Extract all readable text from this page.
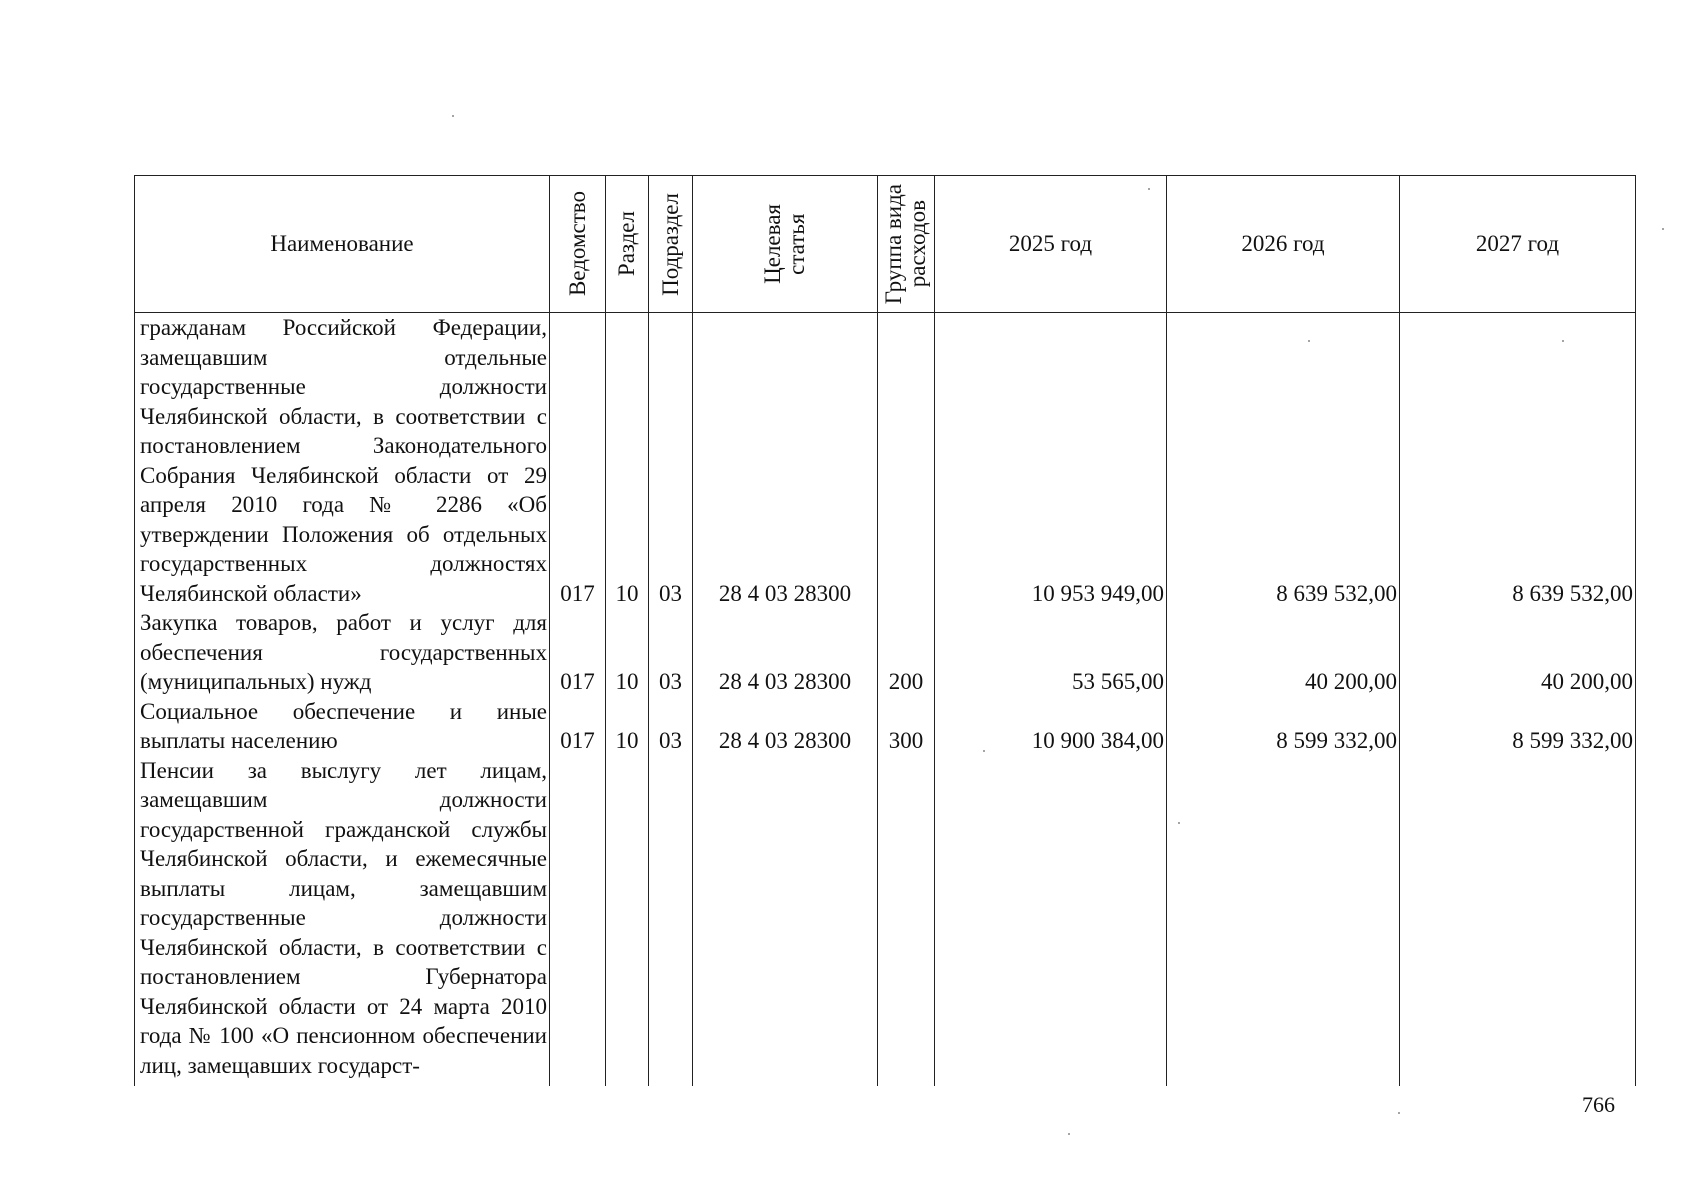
Наименование	Ведомство	Раздел	Подраздел	Целевая статья	Группа вида расходов	2025 год	2026 год	2027 год
гражданам Российской Федерации, замещавшим отдельные государственные должности Челябинской области, в соответствии с постановлением Законодательного Собрания Челябинской области от 29 апреля 2010 года № 2286 «Об утверждении Положения об отдельных государственных должностях Челябинской области»	017	10	03	28 4 03 28300		10 953 949,00	8 639 532,00	8 639 532,00
Закупка товаров, работ и услуг для обеспечения государственных (муниципальных) нужд	017	10	03	28 4 03 28300	200	53 565,00	40 200,00	40 200,00
Социальное обеспечение и иные выплаты населению	017	10	03	28 4 03 28300	300	10 900 384,00	8 599 332,00	8 599 332,00
Пенсии за выслугу лет лицам, замещавшим должности государственной гражданской службы Челябинской области, и ежемесячные выплаты лицам, замещавшим государственные должности Челябинской области, в соответствии с постановлением Губернатора Челябинской области от 24 марта 2010 года № 100 «О пенсионном обеспечении лиц, замещавших государст-								
766
